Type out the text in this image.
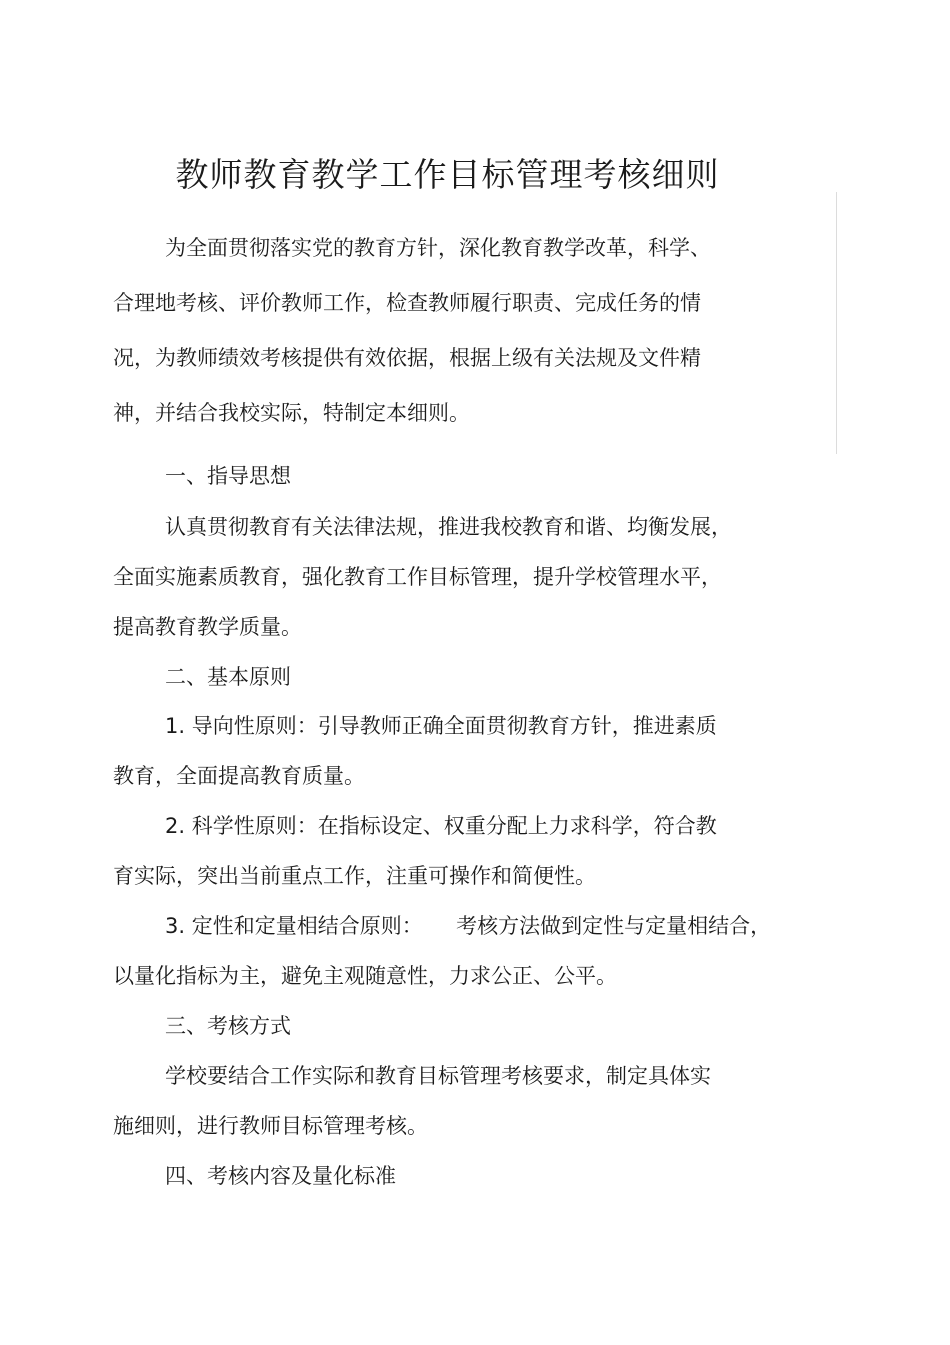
教师教育教学工作目标管理考核细则
为全面贯彻落实党的教育方针，深化教育教学改革，科学、
合理地考核、评价教师工作，检查教师履行职责、完成任务的情
况，为教师绩效考核提供有效依据，根据上级有关法规及文件精
神，并结合我校实际，特制定本细则。
一、指导思想
认真贯彻教育有关法律法规，推进我校教育和谐、均衡发展，
全面实施素质教育，强化教育工作目标管理，提升学校管理水平，
提高教育教学质量。
二、基本原则
1. 导向性原则：引导教师正确全面贯彻教育方针，推进素质
教育，全面提高教育质量。
2. 科学性原则：在指标设定、权重分配上力求科学，符合教
育实际，突出当前重点工作，注重可操作和简便性。
3. 定性和定量相结合原则：     考核方法做到定性与定量相结合，
以量化指标为主，避免主观随意性，力求公正、公平。
三、考核方式
学校要结合工作实际和教育目标管理考核要求，制定具体实
施细则，进行教师目标管理考核。
四、考核内容及量化标准
